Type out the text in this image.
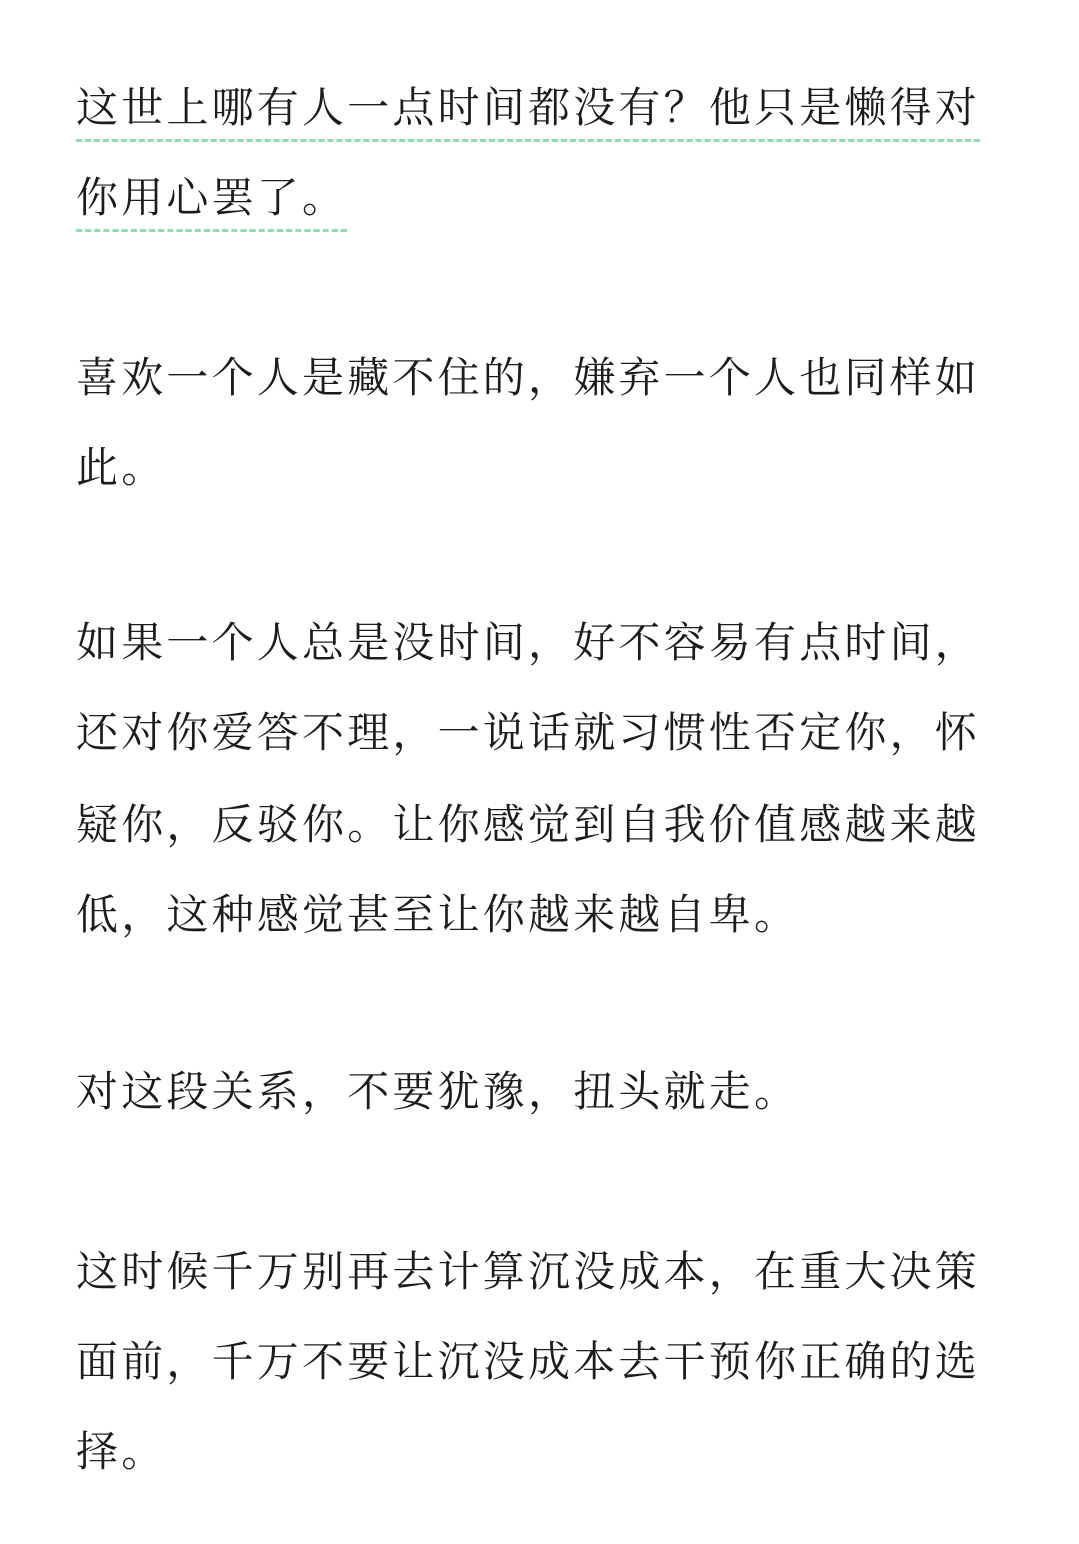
这世上哪有人一点时间都没有？他只是懒得对

你用心罢了。

喜欢一个人是藏不住的，嫌弃一个人也同样如

此。

如果一个人总是没时间，好不容易有点时间，

还对你爱答不理，一说话就习惯性否定你，怀

疑你，反驳你。让你感觉到自我价值感越来越

低，这种感觉甚至让你越来越自卑。

对这段关系，不要犹豫，扭头就走。

这时候千万别再去计算沉没成本，在重大决策

面前，千万不要让沉没成本去干预你正确的选

择。
